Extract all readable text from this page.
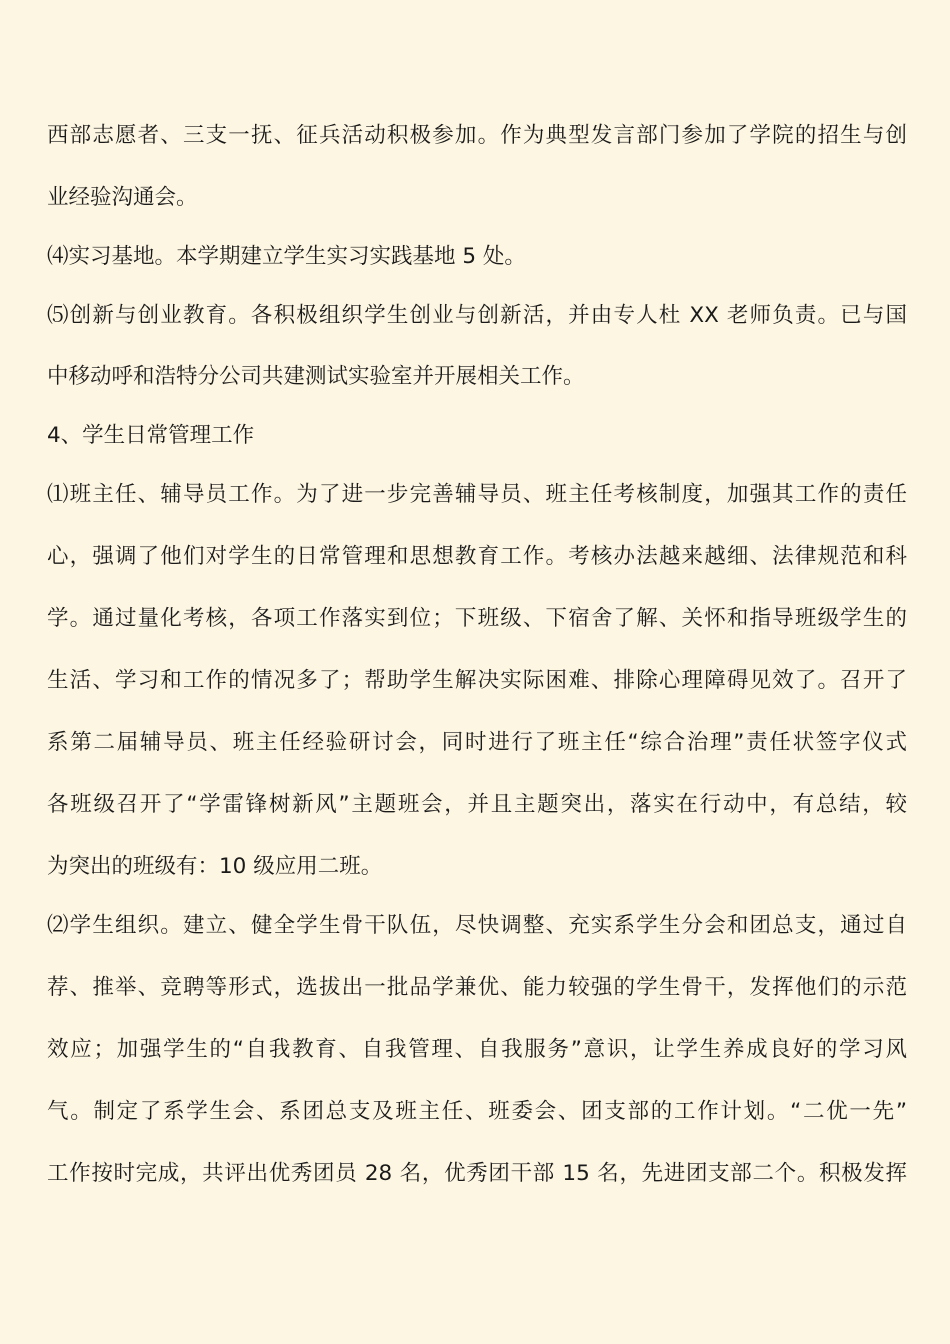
西部志愿者、三支一抚、征兵活动积极参加。作为典型发言部门参加了学院的招生与创
业经验沟通会。
⑷实习基地。本学期建立学生实习实践基地 5 处。
⑸创新与创业教育。各积极组织学生创业与创新活，并由专人杜 XX 老师负责。已与国
中移动呼和浩特分公司共建测试实验室并开展相关工作。
4、学生日常管理工作
⑴班主任、辅导员工作。为了进一步完善辅导员、班主任考核制度，加强其工作的责任
心，强调了他们对学生的日常管理和思想教育工作。考核办法越来越细、法律规范和科
学。通过量化考核，各项工作落实到位；下班级、下宿舍了解、关怀和指导班级学生的
生活、学习和工作的情况多了；帮助学生解决实际困难、排除心理障碍见效了。召开了
系第二届辅导员、班主任经验研讨会，同时进行了班主任“综合治理”责任状签字仪式
各班级召开了“学雷锋树新风”主题班会，并且主题突出，落实在行动中，有总结，较
为突出的班级有：10 级应用二班。
⑵学生组织。建立、健全学生骨干队伍，尽快调整、充实系学生分会和团总支，通过自
荐、推举、竞聘等形式，选拔出一批品学兼优、能力较强的学生骨干，发挥他们的示范
效应；加强学生的“自我教育、自我管理、自我服务”意识，让学生养成良好的学习风
气。制定了系学生会、系团总支及班主任、班委会、团支部的工作计划。“二优一先”
工作按时完成，共评出优秀团员 28 名，优秀团干部 15 名，先进团支部二个。积极发挥
